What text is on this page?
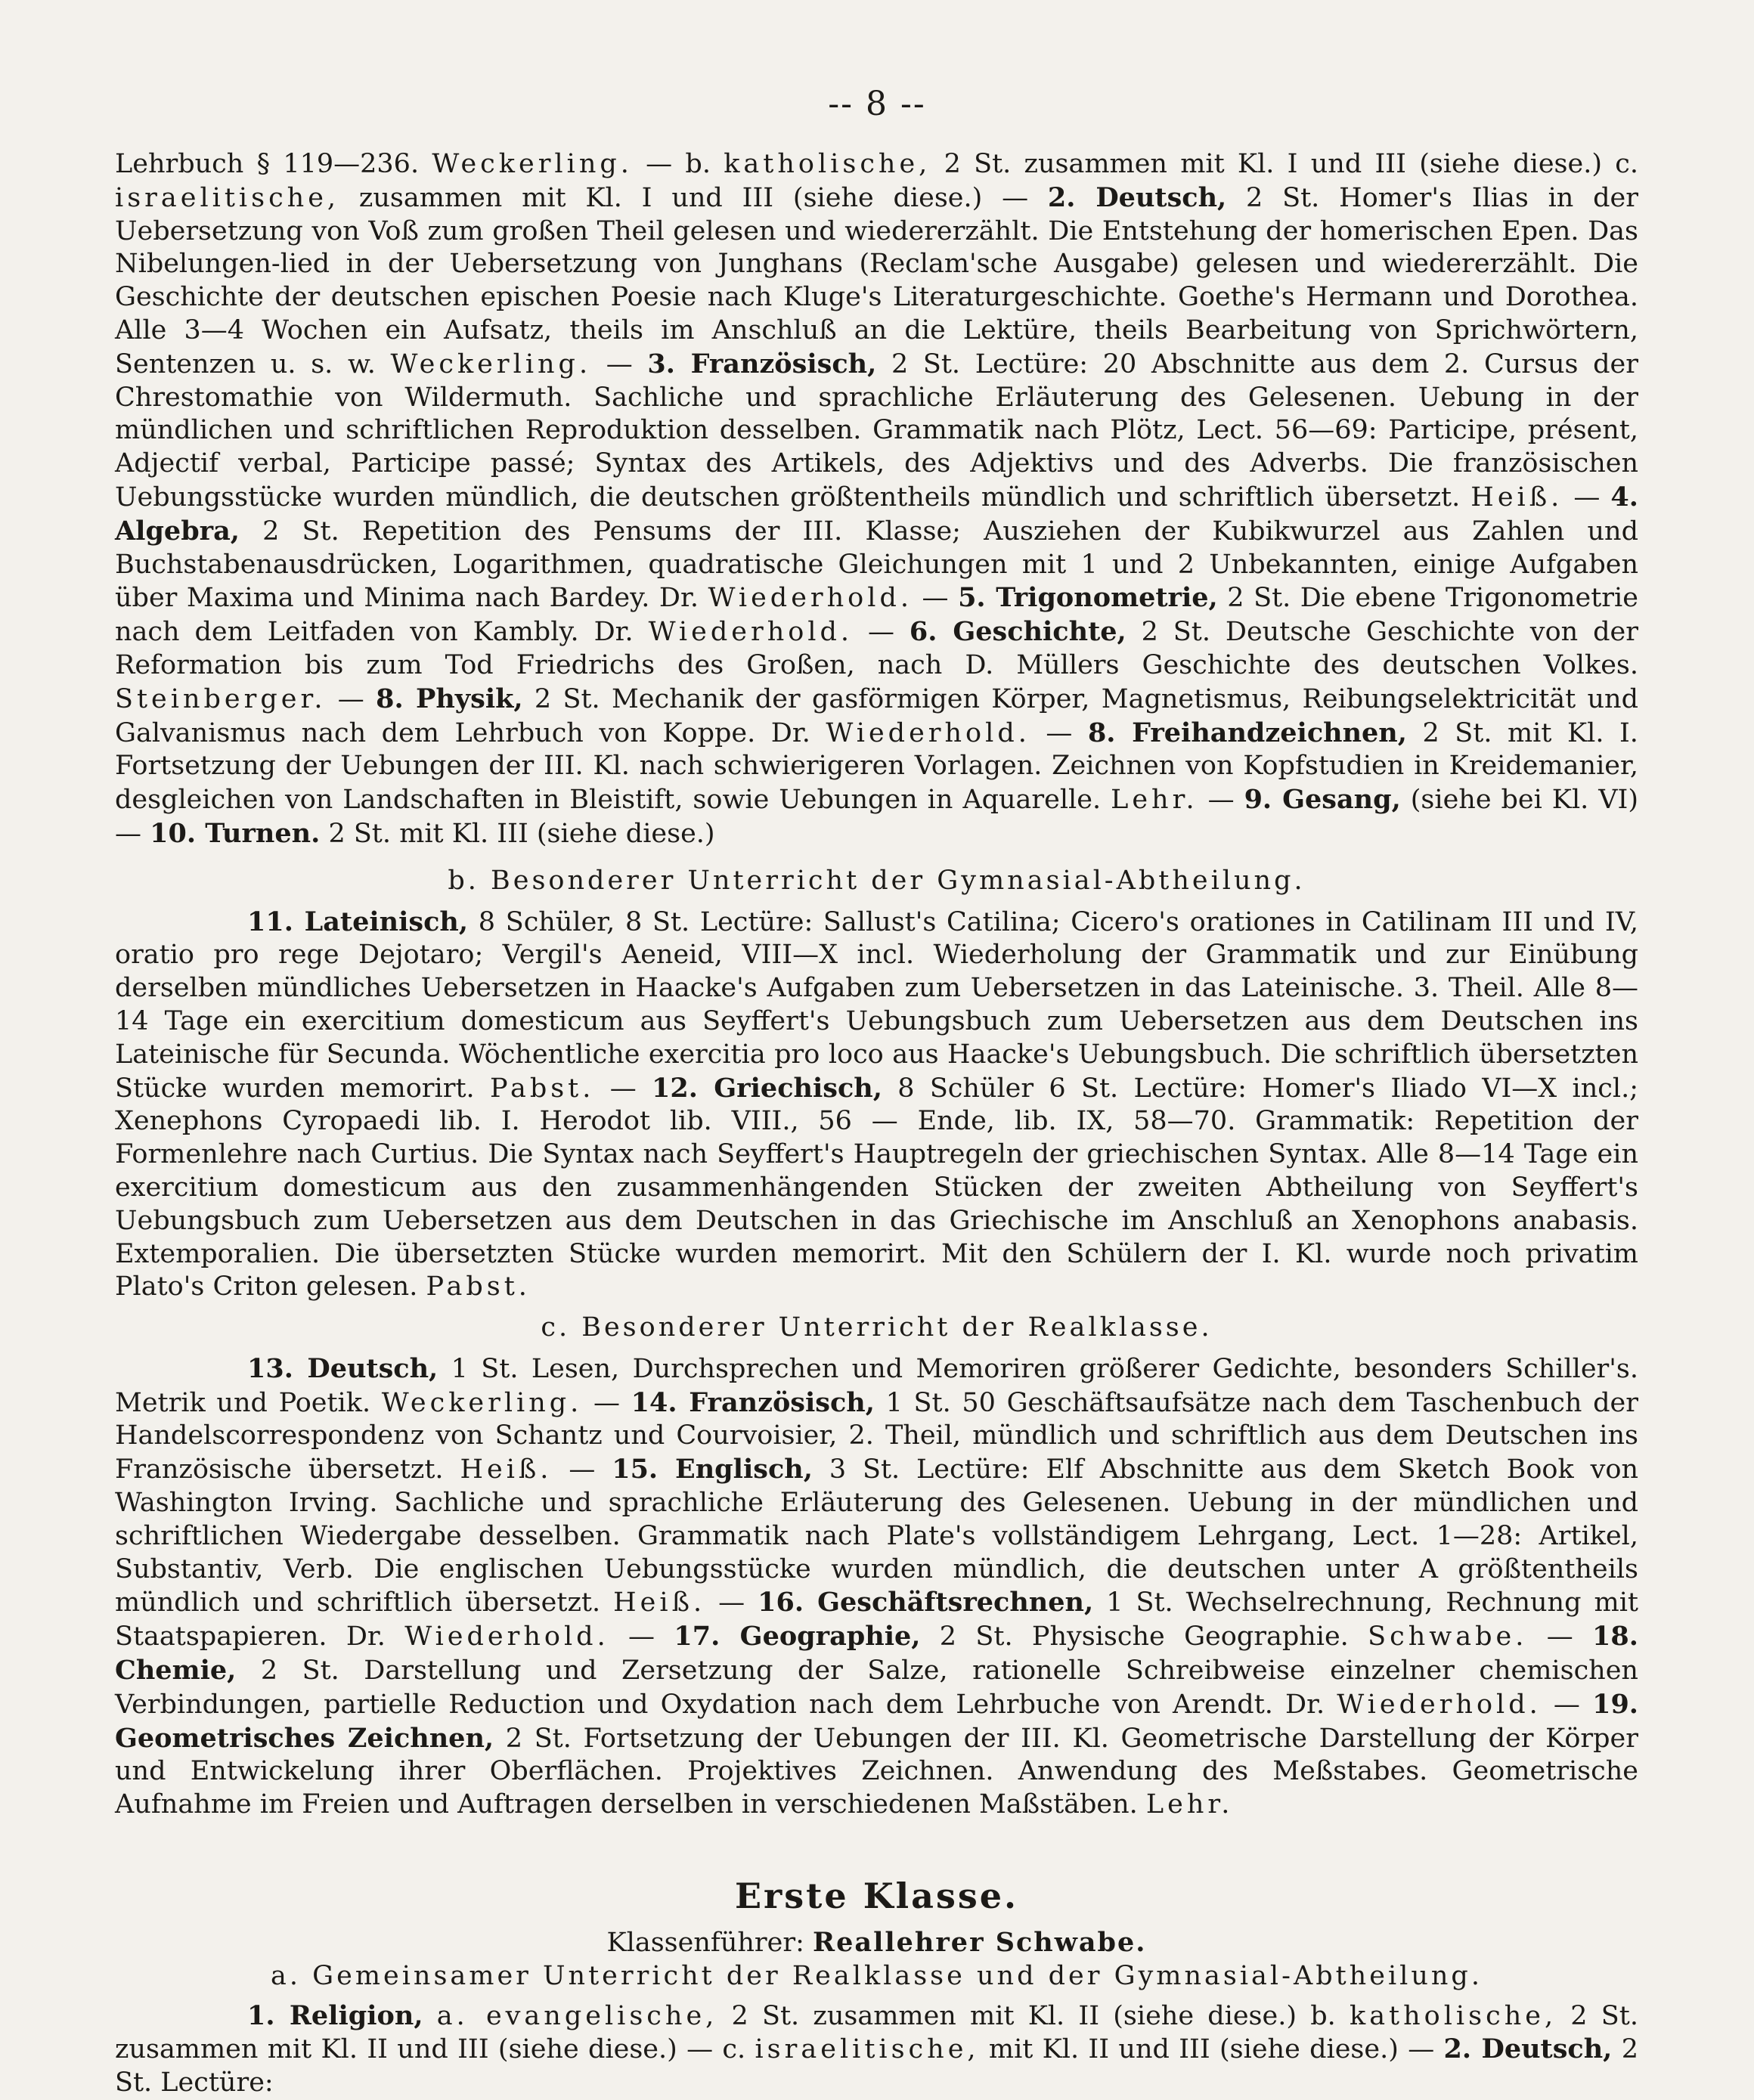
-- 8 --

Lehrbuch § 119—236. Weckerling. — b. katholische, 2 St. zusammen mit Kl. I und III (siehe diese.) c. israelitische, zusammen mit Kl. I und III (siehe diese.) — 2. Deutsch, 2 St. Homer's Ilias in der Uebersetzung von Voß zum großen Theil gelesen und wiedererzählt. Die Entstehung der homerischen Epen. Das Nibelungen-lied in der Uebersetzung von Junghans (Reclam'sche Ausgabe) gelesen und wiedererzählt. Die Geschichte der deutschen epischen Poesie nach Kluge's Literaturgeschichte. Goethe's Hermann und Dorothea. Alle 3—4 Wochen ein Aufsatz, theils im Anschluß an die Lektüre, theils Bearbeitung von Sprichwörtern, Sentenzen u. s. w. Weckerling. — 3. Französisch, 2 St. Lectüre: 20 Abschnitte aus dem 2. Cursus der Chrestomathie von Wildermuth. Sachliche und sprachliche Erläuterung des Gelesenen. Uebung in der mündlichen und schriftlichen Reproduktion desselben. Grammatik nach Plötz, Lect. 56—69: Participe, présent, Adjectif verbal, Participe passé; Syntax des Artikels, des Adjektivs und des Adverbs. Die französischen Uebungsstücke wurden mündlich, die deutschen größtentheils mündlich und schriftlich übersetzt. Heiß. — 4. Algebra, 2 St. Repetition des Pensums der III. Klasse; Ausziehen der Kubikwurzel aus Zahlen und Buchstabenausdrücken, Logarithmen, quadratische Gleichungen mit 1 und 2 Unbekannten, einige Aufgaben über Maxima und Minima nach Bardey. Dr. Wiederhold. — 5. Trigonometrie, 2 St. Die ebene Trigonometrie nach dem Leitfaden von Kambly. Dr. Wiederhold. — 6. Geschichte, 2 St. Deutsche Geschichte von der Reformation bis zum Tod Friedrichs des Großen, nach D. Müllers Geschichte des deutschen Volkes. Steinberger. — 8. Physik, 2 St. Mechanik der gasförmigen Körper, Magnetismus, Reibungselektricität und Galvanismus nach dem Lehrbuch von Koppe. Dr. Wiederhold. — 8. Freihandzeichnen, 2 St. mit Kl. I. Fortsetzung der Uebungen der III. Kl. nach schwierigeren Vorlagen. Zeichnen von Kopfstudien in Kreidemanier, desgleichen von Landschaften in Bleistift, sowie Uebungen in Aquarelle. Lehr. — 9. Gesang, (siehe bei Kl. VI) — 10. Turnen. 2 St. mit Kl. III (siehe diese.)

b. Besonderer Unterricht der Gymnasial-Abtheilung.

11. Lateinisch, 8 Schüler, 8 St. Lectüre: Sallust's Catilina; Cicero's orationes in Catilinam III und IV, oratio pro rege Dejotaro; Vergil's Aeneid, VIII—X incl. Wiederholung der Grammatik und zur Einübung derselben mündliches Uebersetzen in Haacke's Aufgaben zum Uebersetzen in das Lateinische. 3. Theil. Alle 8—14 Tage ein exercitium domesticum aus Seyffert's Uebungsbuch zum Uebersetzen aus dem Deutschen ins Lateinische für Secunda. Wöchentliche exercitia pro loco aus Haacke's Uebungsbuch. Die schriftlich übersetzten Stücke wurden memorirt. Pabst. — 12. Griechisch, 8 Schüler 6 St. Lectüre: Homer's Iliado VI—X incl.; Xenephons Cyropaedi lib. I. Herodot lib. VIII., 56 — Ende, lib. IX, 58—70. Grammatik: Repetition der Formenlehre nach Curtius. Die Syntax nach Seyffert's Hauptregeln der griechischen Syntax. Alle 8—14 Tage ein exercitium domesticum aus den zusammenhängenden Stücken der zweiten Abtheilung von Seyffert's Uebungsbuch zum Uebersetzen aus dem Deutschen in das Griechische im Anschluß an Xenophons anabasis. Extemporalien. Die übersetzten Stücke wurden memorirt. Mit den Schülern der I. Kl. wurde noch privatim Plato's Criton gelesen. Pabst.

c. Besonderer Unterricht der Realklasse.

13. Deutsch, 1 St. Lesen, Durchsprechen und Memoriren größerer Gedichte, besonders Schiller's. Metrik und Poetik. Weckerling. — 14. Französisch, 1 St. 50 Geschäftsaufsätze nach dem Taschenbuch der Handelscorrespondenz von Schantz und Courvoisier, 2. Theil, mündlich und schriftlich aus dem Deutschen ins Französische übersetzt. Heiß. — 15. Englisch, 3 St. Lectüre: Elf Abschnitte aus dem Sketch Book von Washington Irving. Sachliche und sprachliche Erläuterung des Gelesenen. Uebung in der mündlichen und schriftlichen Wiedergabe desselben. Grammatik nach Plate's vollständigem Lehrgang, Lect. 1—28: Artikel, Substantiv, Verb. Die englischen Uebungsstücke wurden mündlich, die deutschen unter A größtentheils mündlich und schriftlich übersetzt. Heiß. — 16. Geschäftsrechnen, 1 St. Wechselrechnung, Rechnung mit Staatspapieren. Dr. Wiederhold. — 17. Geographie, 2 St. Physische Geographie. Schwabe. — 18. Chemie, 2 St. Darstellung und Zersetzung der Salze, rationelle Schreibweise einzelner chemischen Verbindungen, partielle Reduction und Oxydation nach dem Lehrbuche von Arendt. Dr. Wiederhold. — 19. Geometrisches Zeichnen, 2 St. Fortsetzung der Uebungen der III. Kl. Geometrische Darstellung der Körper und Entwickelung ihrer Oberflächen. Projektives Zeichnen. Anwendung des Meßstabes. Geometrische Aufnahme im Freien und Auftragen derselben in verschiedenen Maßstäben. Lehr.

Erste Klasse.

Klassenführer: Reallehrer Schwabe.

a. Gemeinsamer Unterricht der Realklasse und der Gymnasial-Abtheilung.

1. Religion, a. evangelische, 2 St. zusammen mit Kl. II (siehe diese.) b. katholische, 2 St. zusammen mit Kl. II und III (siehe diese.) — c. israelitische, mit Kl. II und III (siehe diese.) — 2. Deutsch, 2 St. Lectüre:
